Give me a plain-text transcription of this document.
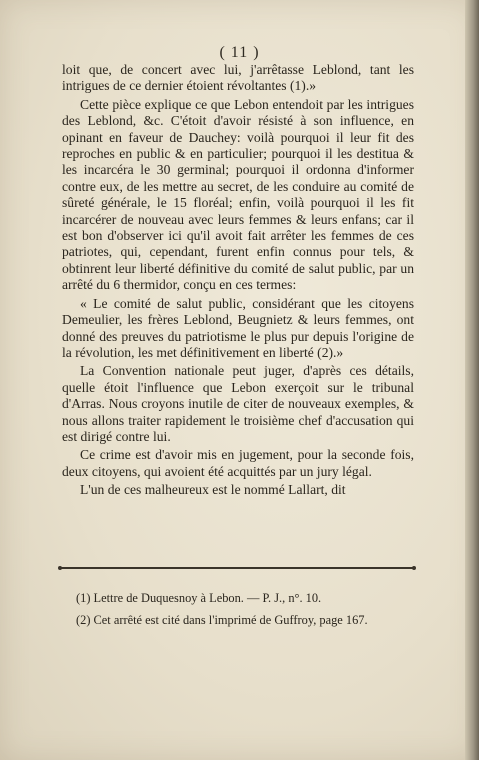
( 11 )

loit que, de concert avec lui, j'arrêtasse Leblond, tant les intrigues de ce dernier étoient révoltantes (1).»

Cette pièce explique ce que Lebon entendoit par les intrigues des Leblond, &c. C'étoit d'avoir résisté à son influence, en opinant en faveur de Dauchey: voilà pourquoi il leur fit des reproches en public & en particulier; pourquoi il les destitua & les incarcéra le 30 germinal; pourquoi il ordonna d'informer contre eux, de les mettre au secret, de les conduire au comité de sûreté générale, le 15 floréal; enfin, voilà pourquoi il les fit incarcérer de nouveau avec leurs femmes & leurs enfans; car il est bon d'observer ici qu'il avoit fait arrêter les femmes de ces patriotes, qui, cependant, furent enfin connus pour tels, & obtinrent leur liberté définitive du comité de salut public, par un arrêté du 6 thermidor, conçu en ces termes:

« Le comité de salut public, considérant que les citoyens Demeulier, les frères Leblond, Beugnietz & leurs femmes, ont donné des preuves du patriotisme le plus pur depuis l'origine de la révolution, les met définitivement en liberté (2).»

La Convention nationale peut juger, d'après ces détails, quelle étoit l'influence que Lebon exerçoit sur le tribunal d'Arras. Nous croyons inutile de citer de nouveaux exemples, & nous allons traiter rapidement le troisième chef d'accusation qui est dirigé contre lui.

Ce crime est d'avoir mis en jugement, pour la seconde fois, deux citoyens, qui avoient été acquittés par un jury légal.

L'un de ces malheureux est le nommé Lallart, dit

(1) Lettre de Duquesnoy à Lebon. — P. J., n°. 10.
(2) Cet arrêté est cité dans l'imprimé de Guffroy, page 167.
